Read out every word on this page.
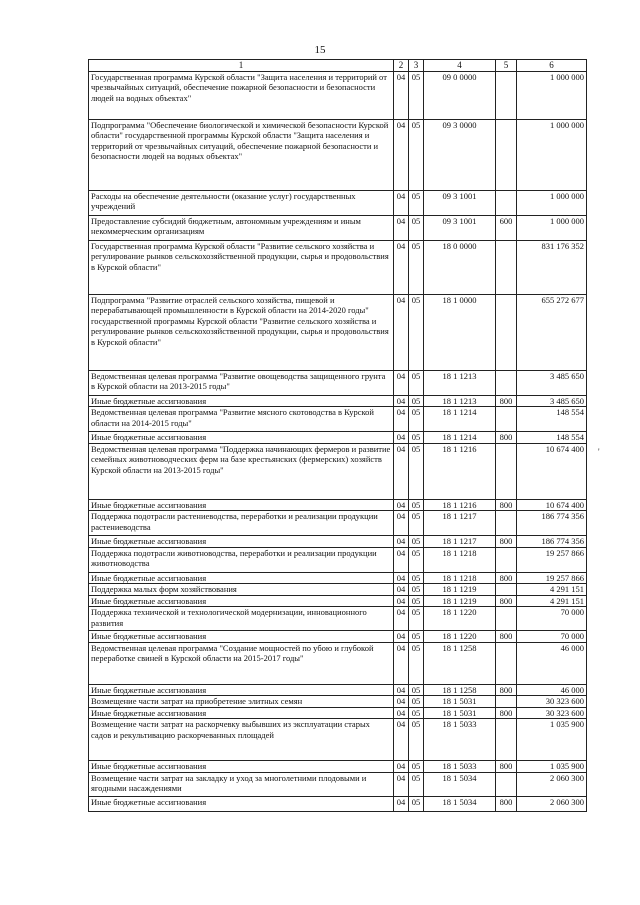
15
1	2	3	4	5	6
Государственная программа Курской области "Защита населения и территорий от чрезвычайных ситуаций, обеспечение пожарной безопасности и безопасности людей на водных объектах"	04	05	09 0 0000		1 000 000
Подпрограмма "Обеспечение биологической и химической безопасности Курской области" государственной программы Курской области "Защита населения и территорий от чрезвычайных ситуаций, обеспечение пожарной безопасности и безопасности людей на водных объектах"	04	05	09 3 0000		1 000 000
Расходы на обеспечение деятельности (оказание услуг) государственных учреждений	04	05	09 3 1001		1 000 000
Предоставление субсидий бюджетным, автономным учреждениям и иным некоммерческим организациям	04	05	09 3 1001	600	1 000 000
Государственная программа Курской области "Развитие сельского хозяйства и регулирование рынков сельскохозяйственной продукции, сырья и продовольствия в Курской области"	04	05	18 0 0000		831 176 352
Подпрограмма "Развитие отраслей сельского хозяйства, пищевой и перерабатывающей промышленности в Курской области на 2014-2020 годы" государственной программы Курской области "Развитие сельского хозяйства и регулирование рынков сельскохозяйственной продукции, сырья и продовольствия в Курской области"	04	05	18 1 0000		655 272 677
Ведомственная целевая программа "Развитие овощеводства защищенного грунта в Курской области на 2013-2015 годы"	04	05	18 1 1213		3 485 650
Иные бюджетные ассигнования	04	05	18 1 1213	800	3 485 650
Ведомственная целевая программа "Развитие мясного скотоводства в Курской области на 2014-2015 годы"	04	05	18 1 1214		148 554
Иные бюджетные ассигнования	04	05	18 1 1214	800	148 554
Ведомственная целевая программа "Поддержка начинающих фермеров и развитие семейных животноводческих ферм на базе крестьянских (фермерских) хозяйств Курской области на 2013-2015 годы"	04	05	18 1 1216		10 674 400
Иные бюджетные ассигнования	04	05	18 1 1216	800	10 674 400
Поддержка подотрасли растениеводства, переработки и реализации продукции растениеводства	04	05	18 1 1217		186 774 356
Иные бюджетные ассигнования	04	05	18 1 1217	800	186 774 356
Поддержка подотрасли животноводства, переработки и реализации продукции животноводства	04	05	18 1 1218		19 257 866
Иные бюджетные ассигнования	04	05	18 1 1218	800	19 257 866
Поддержка малых форм хозяйствования	04	05	18 1 1219		4 291 151
Иные бюджетные ассигнования	04	05	18 1 1219	800	4 291 151
Поддержка технической и технологической модернизации, инновационного развития	04	05	18 1 1220		70 000
Иные бюджетные ассигнования	04	05	18 1 1220	800	70 000
Ведомственная целевая программа "Создание мощностей по убою и глубокой переработке свиней в Курской области на 2015-2017 годы"	04	05	18 1 1258		46 000
Иные бюджетные ассигнования	04	05	18 1 1258	800	46 000
Возмещение части затрат на приобретение элитных семян	04	05	18 1 5031		30 323 600
Иные бюджетные ассигнования	04	05	18 1 5031	800	30 323 600
Возмещение части затрат на раскорчевку выбывших из эксплуатации старых садов и рекультивацию раскорчеванных площадей	04	05	18 1 5033		1 035 900
Иные бюджетные ассигнования	04	05	18 1 5033	800	1 035 900
Возмещение части затрат на закладку и уход за многолетними плодовыми и ягодными насаждениями	04	05	18 1 5034		2 060 300
Иные бюджетные ассигнования	04	05	18 1 5034	800	2 060 300
'
